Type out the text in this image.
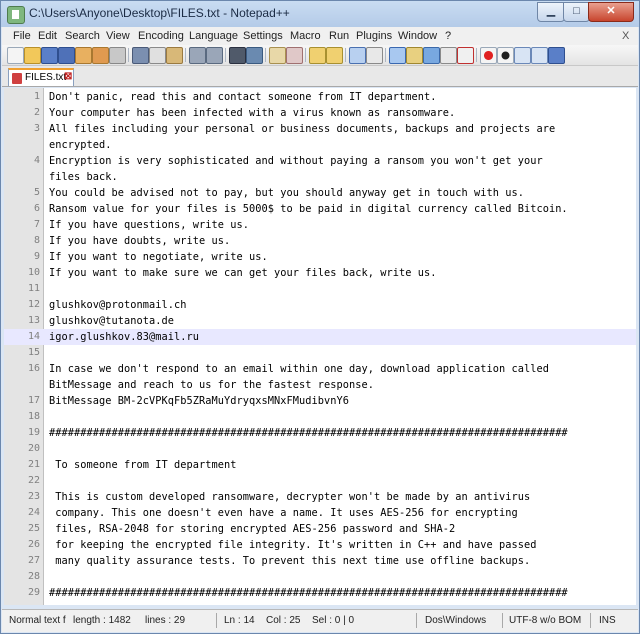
C:\Users\Anyone\Desktop\FILES.txt - Notepad++	▁	□	✕
File Edit Search View Encoding Language Settings Macro Run Plugins Window ?	X
FILES.txt
⊠
1 Don't panic, read this and contact someone from IT department.
2 Your computer has been infected with a virus known as ransomware.
3 All files including your personal or business documents, backups and projects are
encrypted.
4 Encryption is very sophisticated and without paying a ransom you won't get your
files back.
5 You could be advised not to pay, but you should anyway get in touch with us.
6 Ransom value for your files is 5000$ to be paid in digital currency called Bitcoin.
7 If you have questions, write us.
8 If you have doubts, write us.
9 If you want to negotiate, write us.
10 If you want to make sure we can get your files back, write us.
11
12 glushkov@protonmail.ch
13 glushkov@tutanota.de
14 igor.glushkov.83@mail.ru
15
16 In case we don't respond to an email within one day, download application called
BitMessage and reach to us for the fastest response.
17 BitMessage BM-2cVPKqFb5ZRaMuYdryqxsMNxFMudibvnY6
18
19 ###################################################################################
20
21 To someone from IT department
22
23 This is custom developed ransomware, decrypter won't be made by an antivirus
24 company. This one doesn't even have a name. It uses AES-256 for encrypting
25 files, RSA-2048 for storing encrypted AES-256 password and SHA-2
26 for keeping the encrypted file integrity. It's written in C++ and have passed
27 many quality assurance tests. To prevent this next time use offline backups.
28
29 ###################################################################################
Normal text f length : 1482 lines : 29	Ln : 14 Col : 25 Sel : 0 | 0	Dos\Windows UTF-8 w/o BOM INS
